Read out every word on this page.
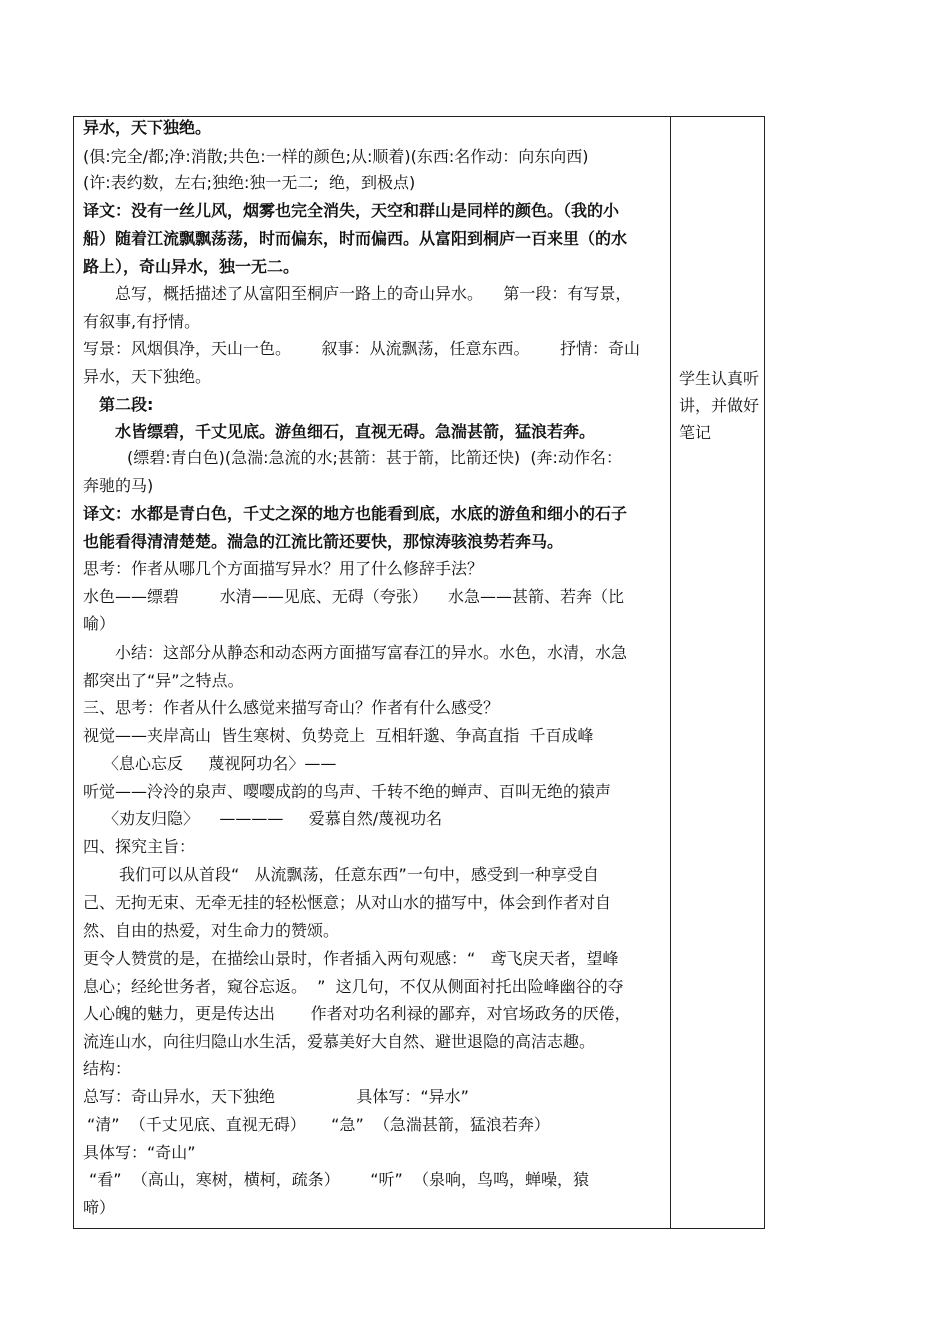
异水，天下独绝。
(俱:完全/都;净:消散;共色:一样的颜色;从:顺着)(东西:名作动：向东向西)
(许:表约数，左右;独绝:独一无二;  绝，到极点)
译文：没有一丝儿风，烟雾也完全消失，天空和群山是同样的颜色。（我的小
船）随着江流飘飘荡荡，时而偏东，时而偏西。从富阳到桐庐一百来里（的水
路上），奇山异水，独一无二。
总写，概括描述了从富阳至桐庐一路上的奇山异水。    第一段：有写景，
有叙事,有抒情。
写景：风烟俱净，天山一色。      叙事：从流飘荡，任意东西。      抒情：奇山
异水，天下独绝。
第二段:
水皆缥碧，千丈见底。游鱼细石，直视无碍。急湍甚箭，猛浪若奔。
(缥碧:青白色)(急湍:急流的水;甚箭：甚于箭，比箭还快)  (奔:动作名：
奔驰的马)
译文：水都是青白色，千丈之深的地方也能看到底，水底的游鱼和细小的石子
也能看得清清楚楚。湍急的江流比箭还要快，那惊涛骇浪势若奔马。
思考：作者从哪几个方面描写异水？用了什么修辞手法？
水色——缥碧        水清——见底、无碍（夸张）    水急——甚箭、若奔（比
喻）
小结：这部分从静态和动态两方面描写富春江的异水。水色，水清，水急
都突出了“异”之特点。
三、思考：作者从什么感觉来描写奇山？作者有什么感受？
视觉——夹岸高山  皆生寒树、负势竞上  互相轩邈、争高直指  千百成峰
〈息心忘反     蔑视阿功名〉——
听觉——泠泠的泉声、嘤嘤成韵的鸟声、千转不绝的蝉声、百叫无绝的猿声
〈劝友归隐〉    ————     爱慕自然/蔑视功名
四、探究主旨：
我们可以从首段“   从流飘荡，任意东西”一句中，感受到一种享受自
己、无拘无束、无牵无挂的轻松惬意；从对山水的描写中，体会到作者对自
然、自由的热爱，对生命力的赞颂。
更令人赞赏的是，在描绘山景时，作者插入两句观感：“   鸢飞戾天者，望峰
息心；经纶世务者，窥谷忘返。  ”  这几句，不仅从侧面衬托出险峰幽谷的夺
人心魄的魅力，更是传达出       作者对功名利禄的鄙弃，对官场政务的厌倦，
流连山水，向往归隐山水生活，爱慕美好大自然、避世退隐的高洁志趣。
结构：
总写：奇山异水，天下独绝                具体写：“异水”
“清”  （千丈见底、直视无碍）     “急”  （急湍甚箭，猛浪若奔）
具体写：“奇山”
“看”  （高山，寒树，横柯，疏条）      “听”  （泉响，鸟鸣，蝉噪，猿
啼）
学生认真听讲，并做好笔记
